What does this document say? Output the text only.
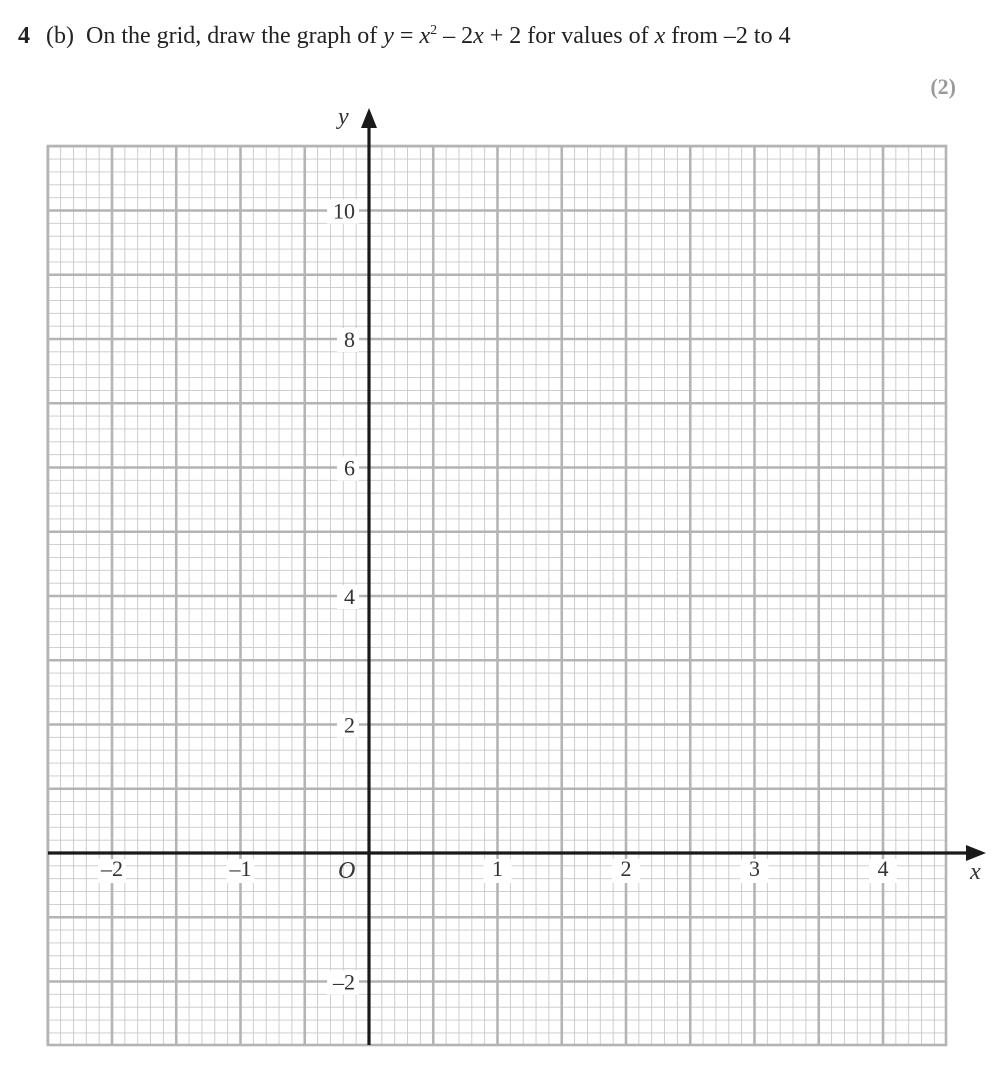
4 (b) On the grid, draw the graph of $y = x^2 - 2x + 2$ for values of x from –2 to 4
(2)
–2	–1	1	2	3	4
–2
2
4
6
8
10
x
y
O
